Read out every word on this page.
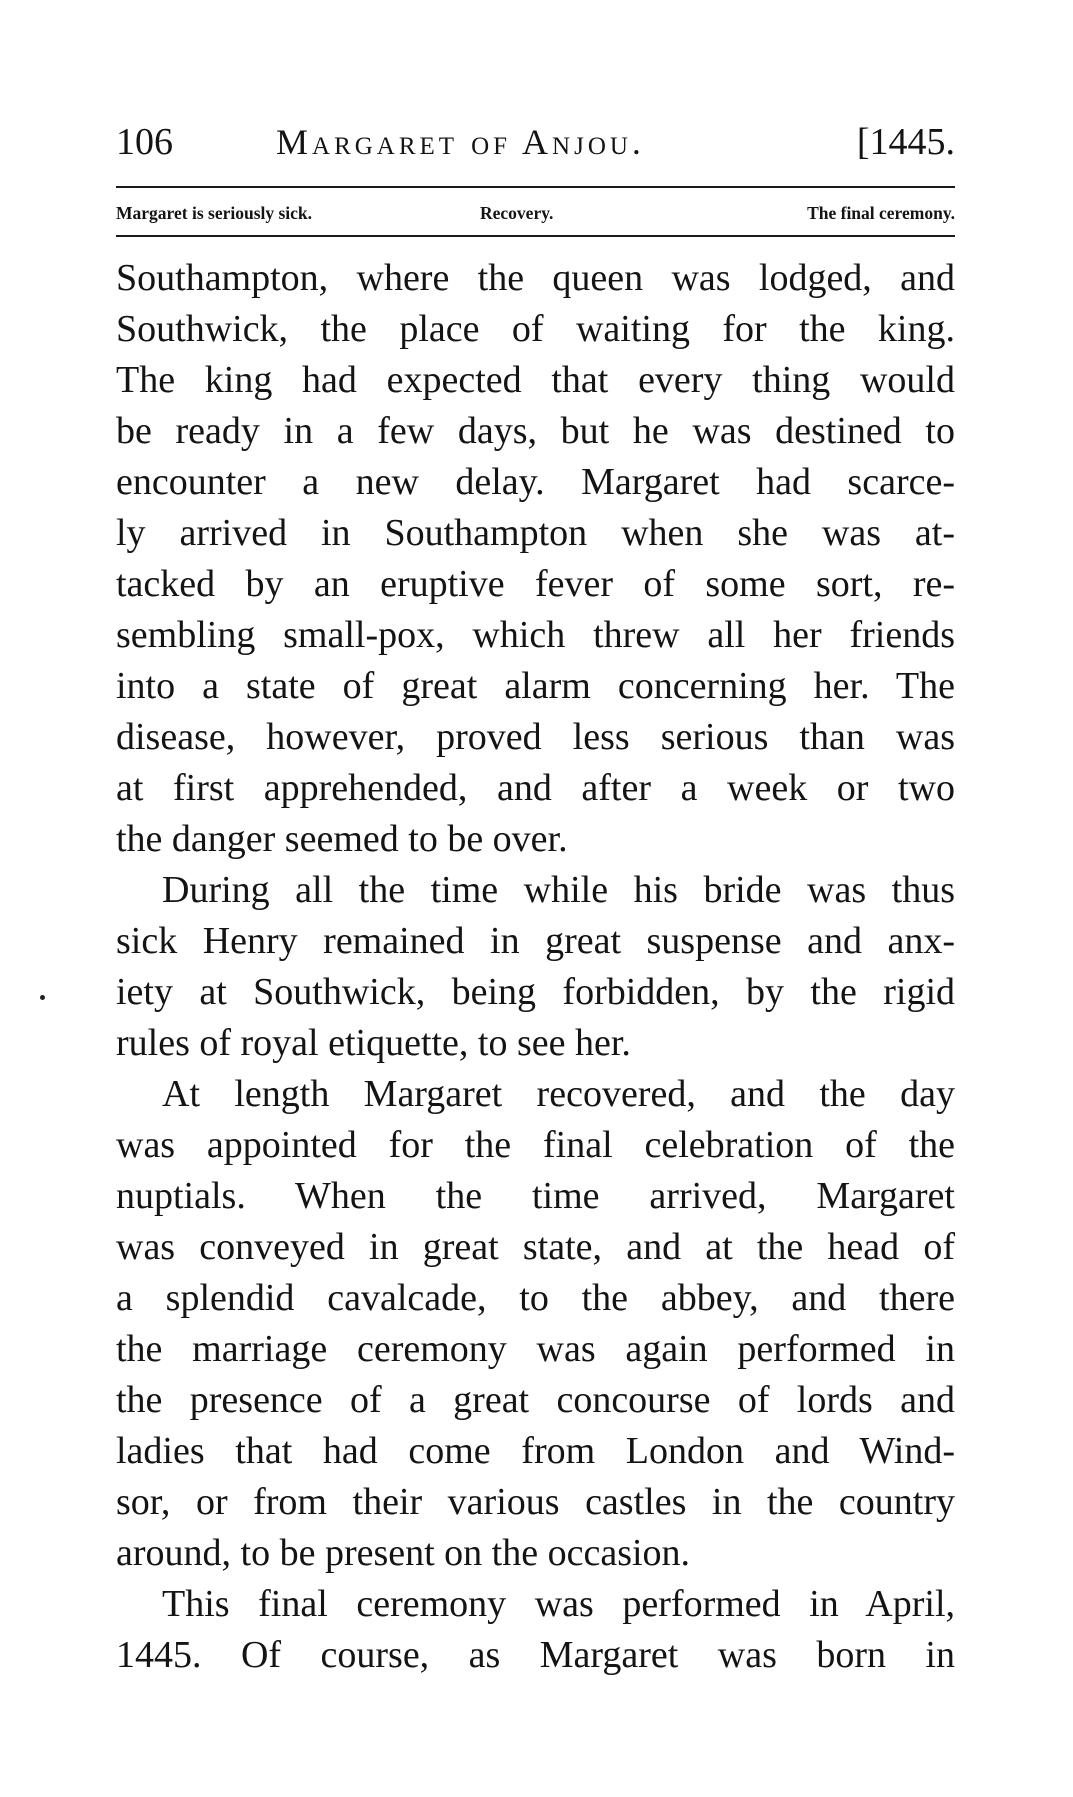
106	Margaret of Anjou.	[1445.
Margaret is seriously sick.	Recovery.	The final ceremony.
Southampton, where the queen was lodged, and
Southwick, the place of waiting for the king.
The king had expected that every thing would
be ready in a few days, but he was destined to
encounter a new delay. Margaret had scarce-
ly arrived in Southampton when she was at-
tacked by an eruptive fever of some sort, re-
sembling small-pox, which threw all her friends
into a state of great alarm concerning her. The
disease, however, proved less serious than was
at first apprehended, and after a week or two
the danger seemed to be over.
During all the time while his bride was thus
sick Henry remained in great suspense and anx-
iety at Southwick, being forbidden, by the rigid
rules of royal etiquette, to see her.
At length Margaret recovered, and the day
was appointed for the final celebration of the
nuptials. When the time arrived, Margaret
was conveyed in great state, and at the head of
a splendid cavalcade, to the abbey, and there
the marriage ceremony was again performed in
the presence of a great concourse of lords and
ladies that had come from London and Wind-
sor, or from their various castles in the country
around, to be present on the occasion.
This final ceremony was performed in April,
1445. Of course, as Margaret was born in
